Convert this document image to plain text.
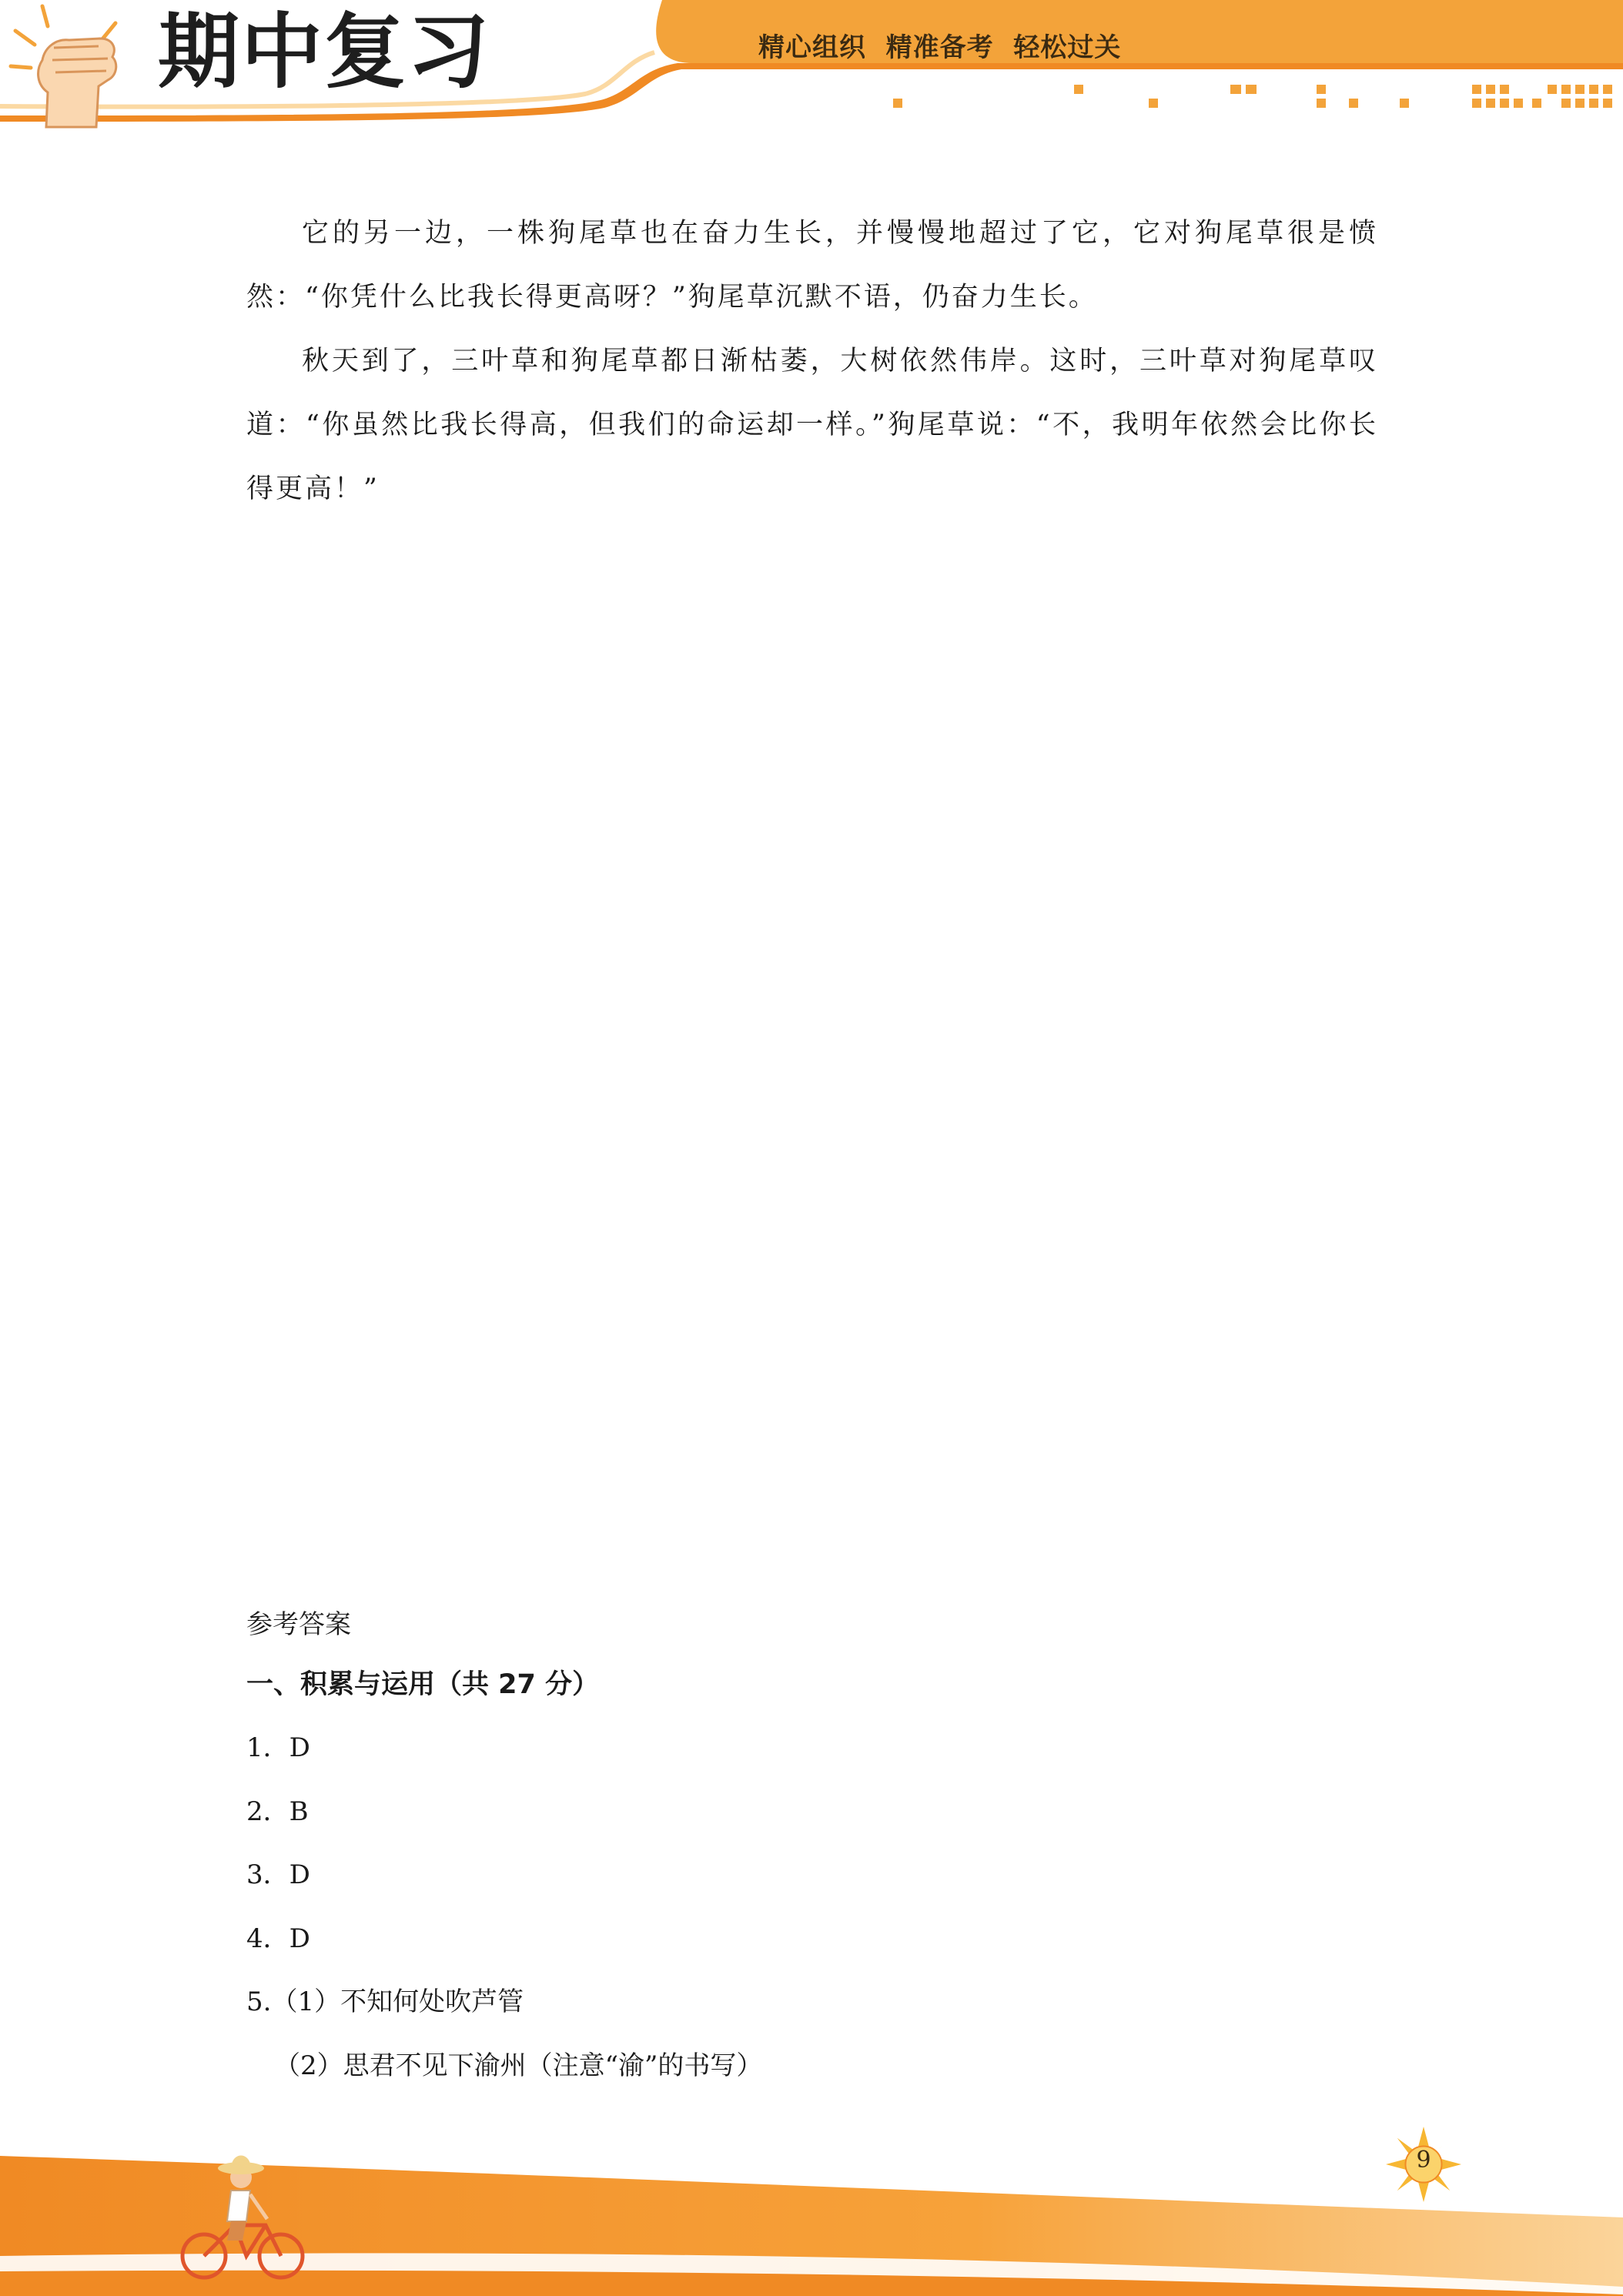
期中复习	精心组织  精准备考  轻松过关

它的另一边，一株狗尾草也在奋力生长，并慢慢地超过了它，它对狗尾草很是愤然：“你凭什么比我长得更高呀？”狗尾草沉默不语，仍奋力生长。

秋天到了，三叶草和狗尾草都日渐枯萎，大树依然伟岸。这时，三叶草对狗尾草叹道：“你虽然比我长得高，但我们的命运却一样。”狗尾草说：“不，我明年依然会比你长得更高！”

参考答案
一、积累与运用（共 27 分）
1．D
2．B
3．D
4．D
5.（1）不知何处吹芦管
（2）思君不见下渝州（注意“渝”的书写）
9
